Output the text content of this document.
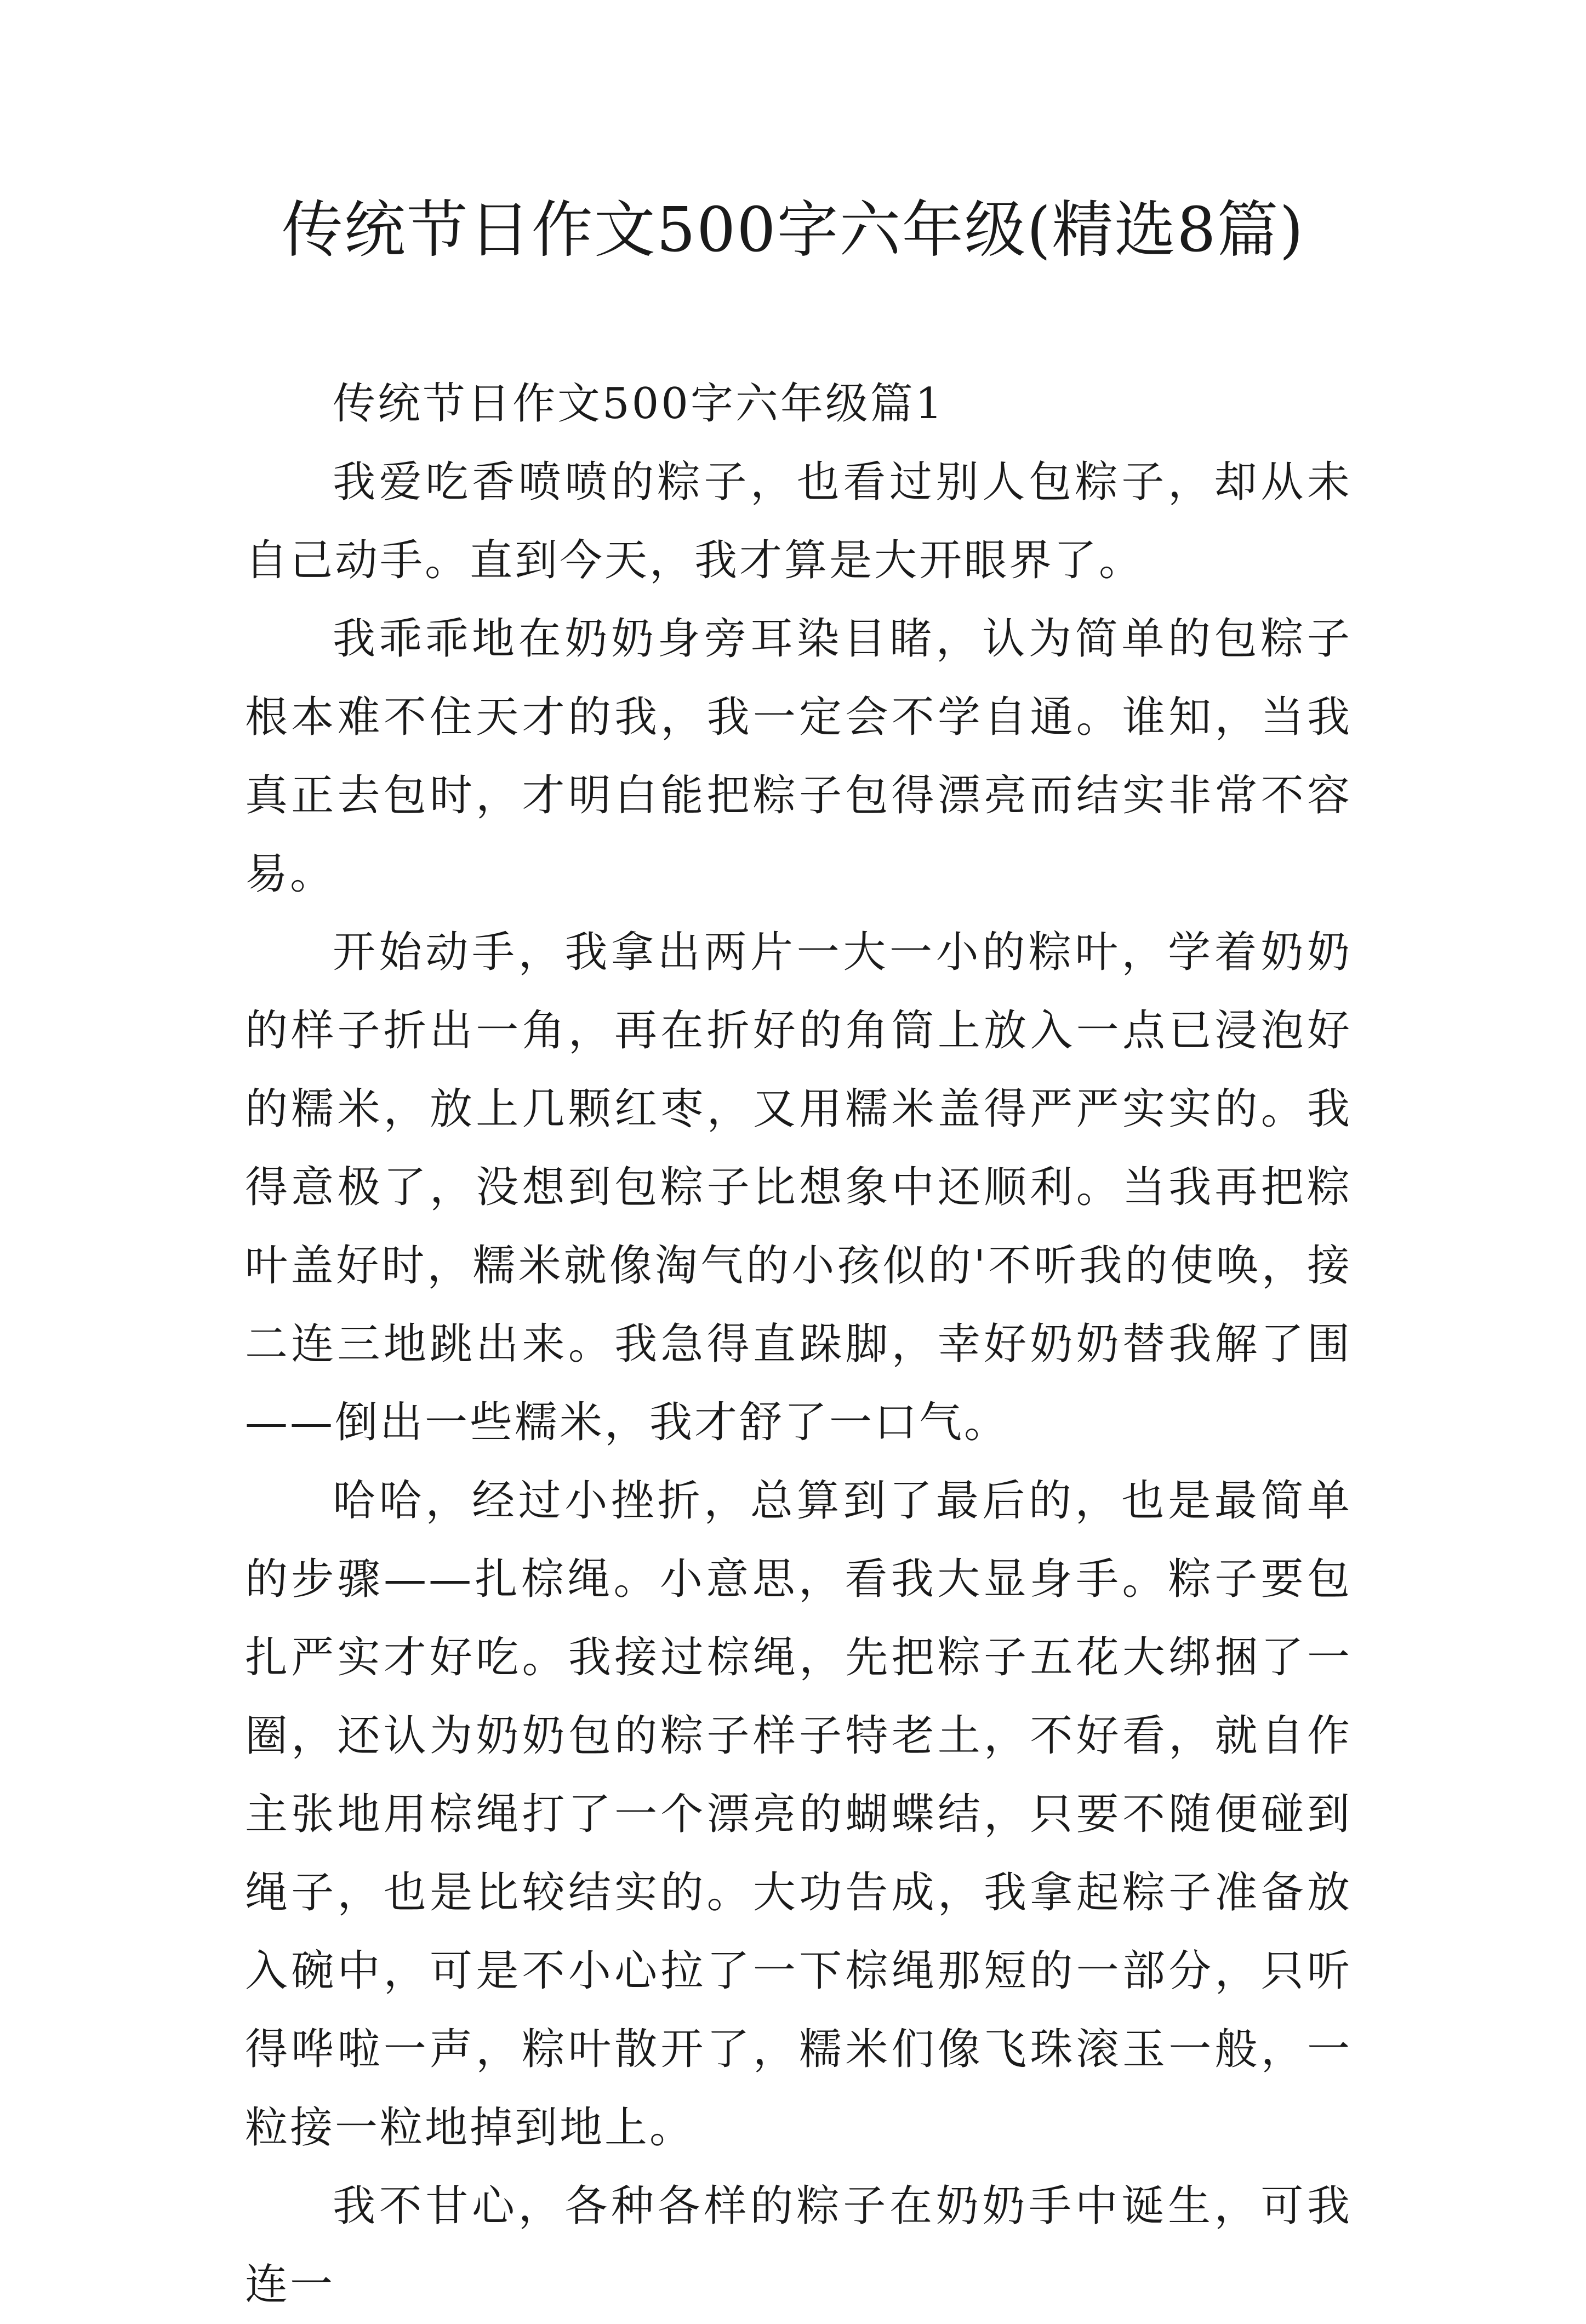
传统节日作文500字六年级(精选8篇)
传统节日作文500字六年级篇1

我爱吃香喷喷的粽子，也看过别人包粽子，却从未自己动手。直到今天，我才算是大开眼界了。

我乖乖地在奶奶身旁耳染目睹，认为简单的包粽子根本难不住天才的我，我一定会不学自通。谁知，当我真正去包时，才明白能把粽子包得漂亮而结实非常不容易。

开始动手，我拿出两片一大一小的粽叶，学着奶奶的样子折出一角，再在折好的角筒上放入一点已浸泡好的糯米，放上几颗红枣，又用糯米盖得严严实实的。我得意极了，没想到包粽子比想象中还顺利。当我再把粽叶盖好时，糯米就像淘气的小孩似的'不听我的使唤，接二连三地跳出来。我急得直跺脚，幸好奶奶替我解了围——倒出一些糯米，我才舒了一口气。

哈哈，经过小挫折，总算到了最后的，也是最简单的步骤——扎棕绳。小意思，看我大显身手。粽子要包扎严实才好吃。我接过棕绳，先把粽子五花大绑捆了一圈，还认为奶奶包的粽子样子特老土，不好看，就自作主张地用棕绳打了一个漂亮的蝴蝶结，只要不随便碰到绳子，也是比较结实的。大功告成，我拿起粽子准备放入碗中，可是不小心拉了一下棕绳那短的一部分，只听得哗啦一声，粽叶散开了，糯米们像飞珠滚玉一般，一粒接一粒地掉到地上。

我不甘心，各种各样的粽子在奶奶手中诞生，可我连一
